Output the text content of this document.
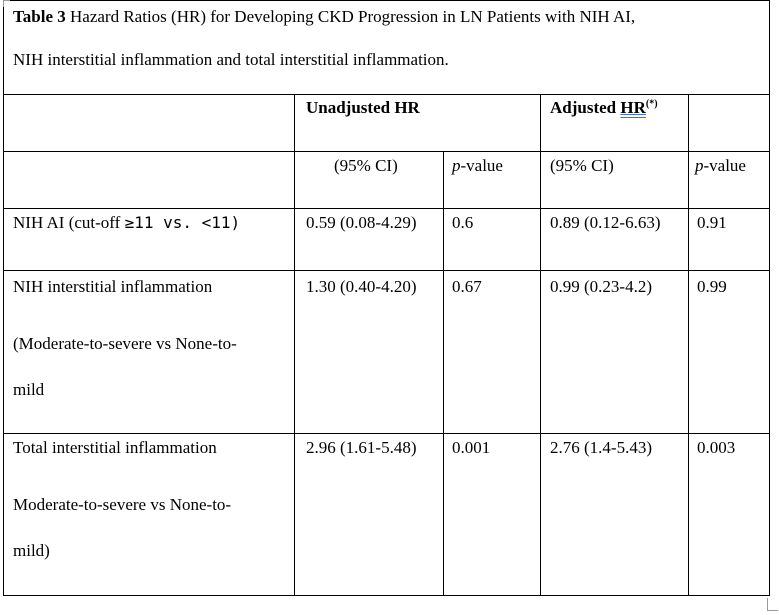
Table 3 Hazard Ratios (HR) for Developing CKD Progression in LN Patients with NIH AI,
NIH interstitial inflammation and total interstitial inflammation.
Unadjusted HR	Adjusted HR(*)
(95% CI)	p-value	(95% CI)	p-value
NIH AI (cut-off ≥11 vs. <11)	0.59 (0.08-4.29) 0.6	0.89 (0.12-6.63) 0.91
NIH interstitial inflammation
(Moderate-to-severe vs None-to-
mild
1.30 (0.40-4.20) 0.67	0.99 (0.23-4.2)	0.99
Total interstitial inflammation
Moderate-to-severe vs None-to-
mild)
2.96 (1.61-5.48) 0.001	2.76 (1.4-5.43)	0.003
